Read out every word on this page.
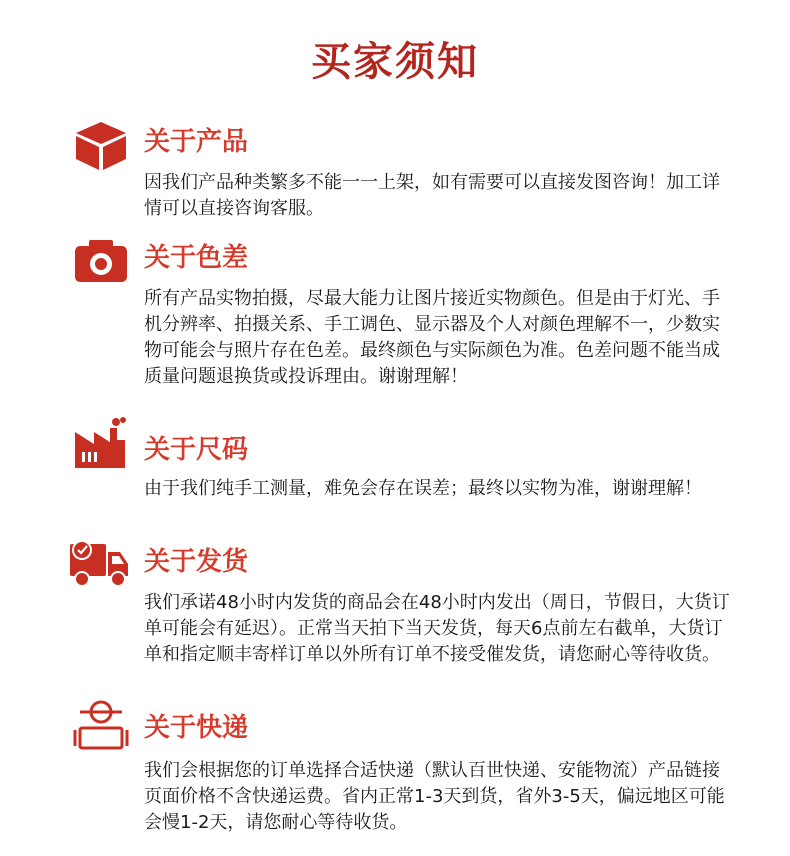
买家须知
关于产品
因我们产品种类繁多不能一一上架，如有需要可以直接发图咨询！加工详情可以直接咨询客服。
关于色差
所有产品实物拍摄，尽最大能力让图片接近实物颜色。但是由于灯光、手机分辨率、拍摄关系、手工调色、显示器及个人对颜色理解不一，少数实物可能会与照片存在色差。最终颜色与实际颜色为准。色差问题不能当成质量问题退换货或投诉理由。谢谢理解！
关于尺码
由于我们纯手工测量，难免会存在误差；最终以实物为准，谢谢理解！
关于发货
我们承诺48小时内发货的商品会在48小时内发出（周日，节假日，大货订单可能会有延迟）。正常当天拍下当天发货，每天6点前左右截单，大货订单和指定顺丰寄样订单以外所有订单不接受催发货，请您耐心等待收货。
关于快递
我们会根据您的订单选择合适快递（默认百世快递、安能物流）产品链接页面价格不含快递运费。省内正常1-3天到货，省外3-5天，偏远地区可能会慢1-2天，请您耐心等待收货。
